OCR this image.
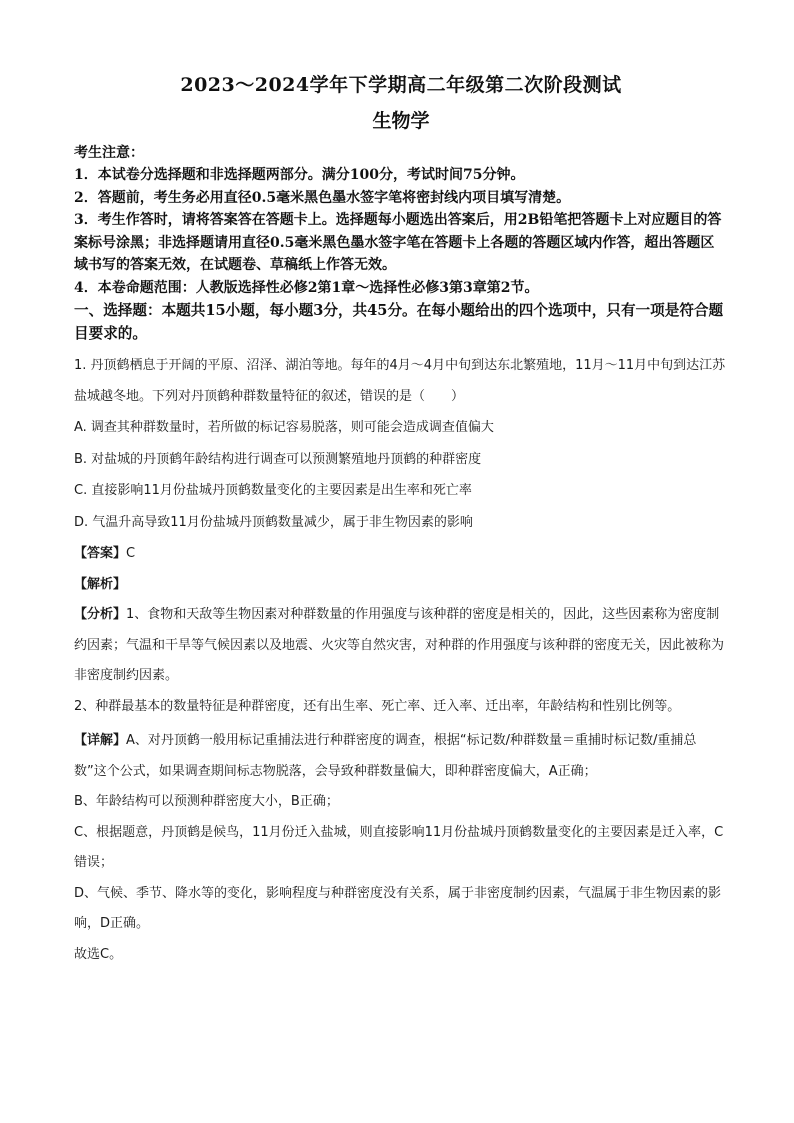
2023～2024学年下学期高二年级第二次阶段测试
生物学

考生注意：

1．本试卷分选择题和非选择题两部分。满分100分，考试时间75分钟。

2．答题前，考生务必用直径0.5毫米黑色墨水签字笔将密封线内项目填写清楚。

3．考生作答时，请将答案答在答题卡上。选择题每小题选出答案后，用2B铅笔把答题卡上对应题目的答案标号涂黑；非选择题请用直径0.5毫米黑色墨水签字笔在答题卡上各题的答题区域内作答，超出答题区域书写的答案无效，在试题卷、草稿纸上作答无效。

4．本卷命题范围：人教版选择性必修2第1章～选择性必修3第3章第2节。

一、选择题：本题共15小题，每小题3分，共45分。在每小题给出的四个选项中，只有一项是符合题目要求的。

1. 丹顶鹤栖息于开阔的平原、沼泽、湖泊等地。每年的4月～4月中旬到达东北繁殖地，11月～11月中旬到达江苏盐城越冬地。下列对丹顶鹤种群数量特征的叙述，错误的是（　　）

A. 调查其种群数量时，若所做的标记容易脱落，则可能会造成调查值偏大

B. 对盐城的丹顶鹤年龄结构进行调查可以预测繁殖地丹顶鹤的种群密度

C. 直接影响11月份盐城丹顶鹤数量变化的主要因素是出生率和死亡率

D. 气温升高导致11月份盐城丹顶鹤数量减少，属于非生物因素的影响

【答案】C

【解析】

【分析】1、食物和天敌等生物因素对种群数量的作用强度与该种群的密度是相关的，因此，这些因素称为密度制约因素；气温和干旱等气候因素以及地震、火灾等自然灾害，对种群的作用强度与该种群的密度无关，因此被称为非密度制约因素。

2、种群最基本的数量特征是种群密度，还有出生率、死亡率、迁入率、迁出率，年龄结构和性别比例等。

【详解】A、对丹顶鹤一般用标记重捕法进行种群密度的调查，根据“标记数/种群数量＝重捕时标记数/重捕总数”这个公式，如果调查期间标志物脱落，会导致种群数量偏大，即种群密度偏大，A正确；

B、年龄结构可以预测种群密度大小，B正确；

C、根据题意，丹顶鹤是候鸟，11月份迁入盐城，则直接影响11月份盐城丹顶鹤数量变化的主要因素是迁入率，C错误；

D、气候、季节、降水等的变化，影响程度与种群密度没有关系，属于非密度制约因素，气温属于非生物因素的影响，D正确。

故选C。
